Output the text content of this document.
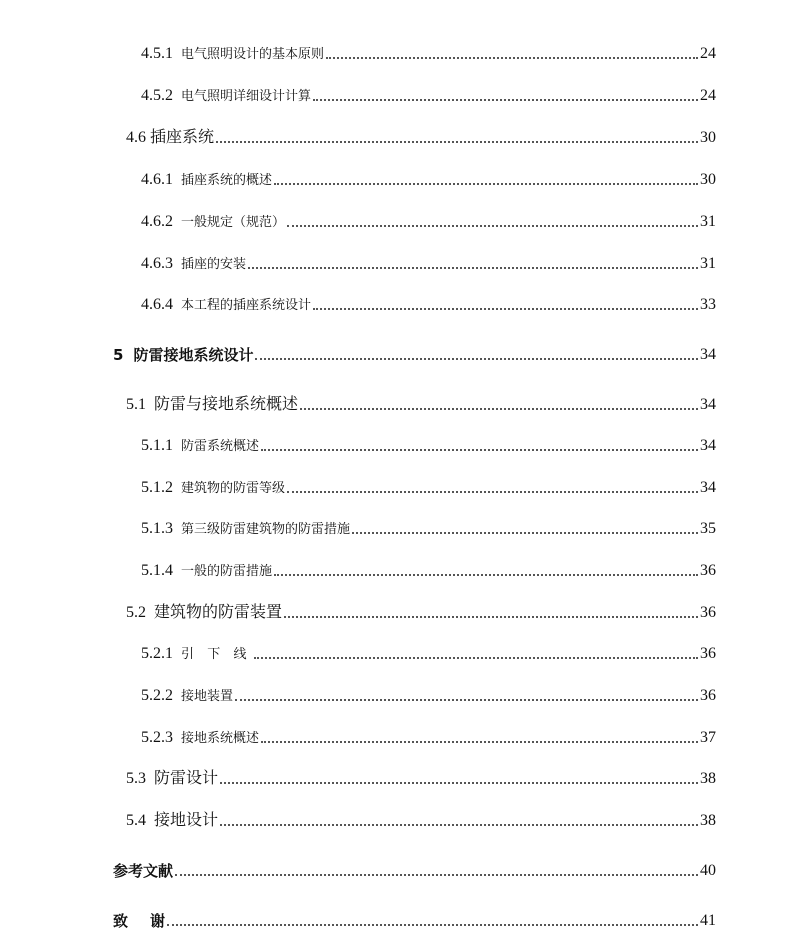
4.5.1 电气照明设计的基本原则	24
4.5.2 电气照明详细设计计算	24
4.6 插座系统	30
4.6.1 插座系统的概述	30
4.6.2 一般规定（规范）	31
4.6.3 插座的安装	31
4.6.4 本工程的插座系统设计	33
5 防雷接地系统设计	34
5.1 防雷与接地系统概述	34
5.1.1 防雷系统概述	34
5.1.2 建筑物的防雷等级	34
5.1.3 第三级防雷建筑物的防雷措施	35
5.1.4 一般的防雷措施	36
5.2 建筑物的防雷装置	36
5.2.1 引 下 线	36
5.2.2 接地装置	36
5.2.3 接地系统概述	37
5.3 防雷设计	38
5.4 接地设计	38
参考文献	40
致谢	41
